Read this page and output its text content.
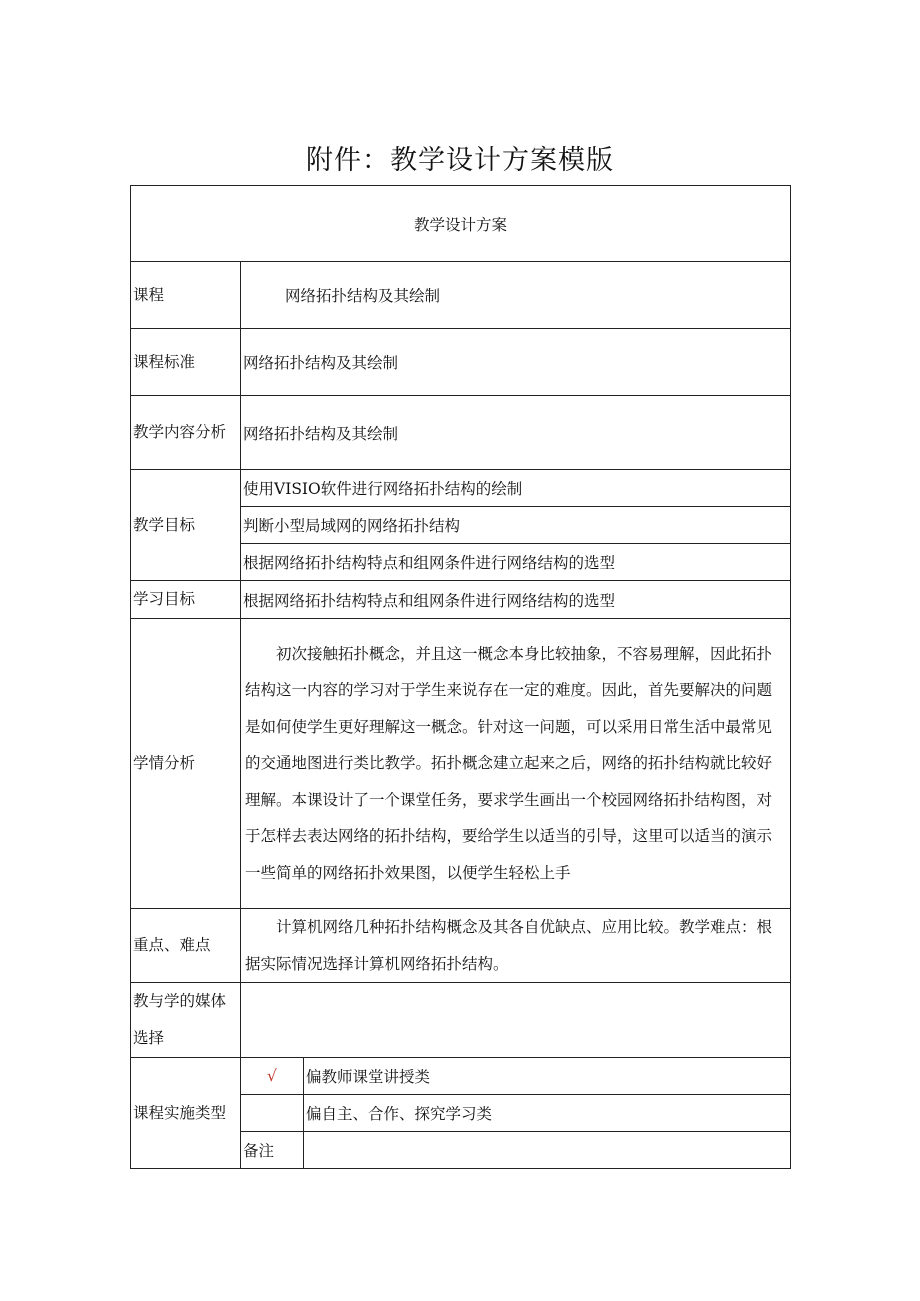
附件：教学设计方案模版
教学设计方案		
课程	网络拓扑结构及其绘制	
课程标准	网络拓扑结构及其绘制	
教学内容分析	网络拓扑结构及其绘制	
教学目标	使用VISIO软件进行网络拓扑结构的绘制	
	判断小型局域网的网络拓扑结构	
	根据网络拓扑结构特点和组网条件进行网络结构的选型	
学习目标	根据网络拓扑结构特点和组网条件进行网络结构的选型	
学情分析	初次接触拓扑概念，并且这一概念本身比较抽象，不容易理解，因此拓扑结构这一内容的学习对于学生来说存在一定的难度。因此，首先要解决的问题是如何使学生更好理解这一概念。针对这一问题，可以采用日常生活中最常见的交通地图进行类比教学。拓扑概念建立起来之后，网络的拓扑结构就比较好理解。本课设计了一个课堂任务，要求学生画出一个校园网络拓扑结构图，对于怎样去表达网络的拓扑结构，要给学生以适当的引导，这里可以适当的演示一些简单的网络拓扑效果图，以便学生轻松上手	

重点、难点	计算机网络几种拓扑结构概念及其各自优缺点、应用比较。教学难点：根据实际情况选择计算机网络拓扑结构。	

教与学的媒体选择		
课程实施类型	√	偏教师课堂讲授类
		偏自主、合作、探究学习类
	备注	
